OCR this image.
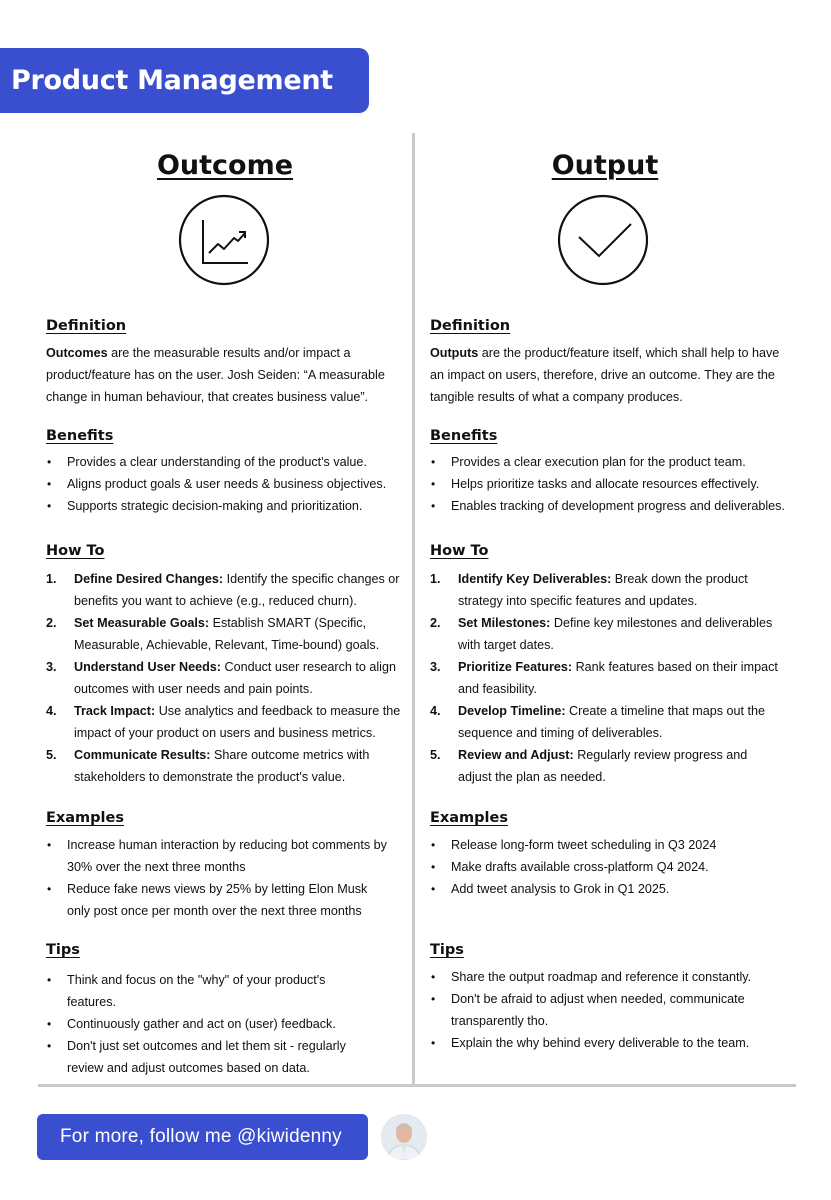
Product Management 101
Outcome
Definition
Outcomes are the measurable results and/or impact a product/feature has on the user. Josh Seiden: “A measurable change in human behaviour, that creates business value”.
Benefits
• Provides a clear understanding of the product's value.
• Aligns product goals & user needs & business objectives.
• Supports strategic decision-making and prioritization.
How To
1. Define Desired Changes: Identify the specific changes or benefits you want to achieve (e.g., reduced churn).
2. Set Measurable Goals: Establish SMART (Specific, Measurable, Achievable, Relevant, Time-bound) goals.
3. Understand User Needs: Conduct user research to align outcomes with user needs and pain points.
4. Track Impact: Use analytics and feedback to measure the impact of your product on users and business metrics.
5. Communicate Results: Share outcome metrics with stakeholders to demonstrate the product's value.
Examples
• Increase human interaction by reducing bot comments by 30% over the next three months
• Reduce fake news views by 25% by letting Elon Musk only post once per month over the next three months
Tips
• Think and focus on the "why" of your product's features.
• Continuously gather and act on (user) feedback.
• Don't just set outcomes and let them sit - regularly review and adjust outcomes based on data.
Output
Definition
Outputs are the product/feature itself, which shall help to have an impact on users, therefore, drive an outcome. They are the tangible results of what a company produces.
Benefits
• Provides a clear execution plan for the product team.
• Helps prioritize tasks and allocate resources effectively.
• Enables tracking of development progress and deliverables.
How To
1. Identify Key Deliverables: Break down the product strategy into specific features and updates.
2. Set Milestones: Define key milestones and deliverables with target dates.
3. Prioritize Features: Rank features based on their impact and feasibility.
4. Develop Timeline: Create a timeline that maps out the sequence and timing of deliverables.
5. Review and Adjust: Regularly review progress and adjust the plan as needed.
Examples
• Release long-form tweet scheduling in Q3 2024
• Make drafts available cross-platform Q4 2024.
• Add tweet analysis to Grok in Q1 2025.
Tips
• Share the output roadmap and reference it constantly.
• Don't be afraid to adjust when needed, communicate transparently tho.
• Explain the why behind every deliverable to the team.
For more, follow me @kiwidenny
